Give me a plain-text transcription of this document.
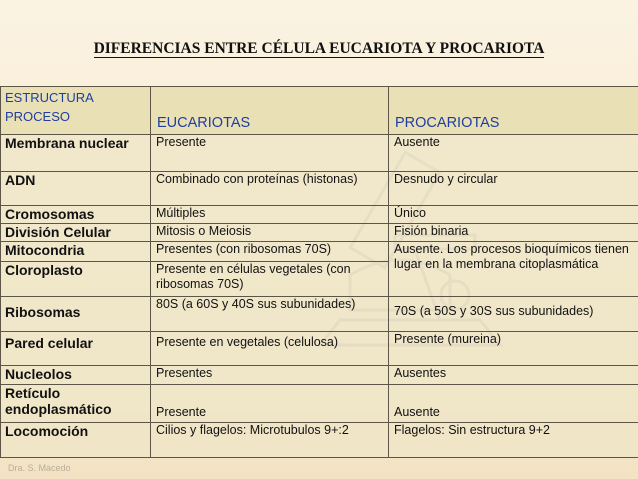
DIFERENCIAS ENTRE CÉLULA EUCARIOTA Y PROCARIOTA
ESTRUCTURA
PROCESO	EUCARIOTAS	PROCARIOTAS
Membrana nuclear	Presente	Ausente
ADN	Combinado con proteínas (histonas)	Desnudo y circular
Cromosomas	Múltiples	Único
División Celular	Mitosis o Meiosis	Fisión binaria
Mitocondria	Presentes (con ribosomas 70S)	Ausente. Los procesos bioquímicos tienen lugar en la membrana citoplasmática
Cloroplasto	Presente en células vegetales (con ribosomas 70S)	
Ribosomas	80S (a 60S y 40S sus subunidades)	70S (a 50S y 30S sus subunidades)
Pared celular	Presente en vegetales (celulosa)	Presente (mureina)
Nucleolos	Presentes	Ausentes
Retículo endoplasmático	Presente	Ausente
Locomoción	Cilios y flagelos: Microtubulos 9+:2	Flagelos: Sin estructura 9+2
Dra. S. Macedo
